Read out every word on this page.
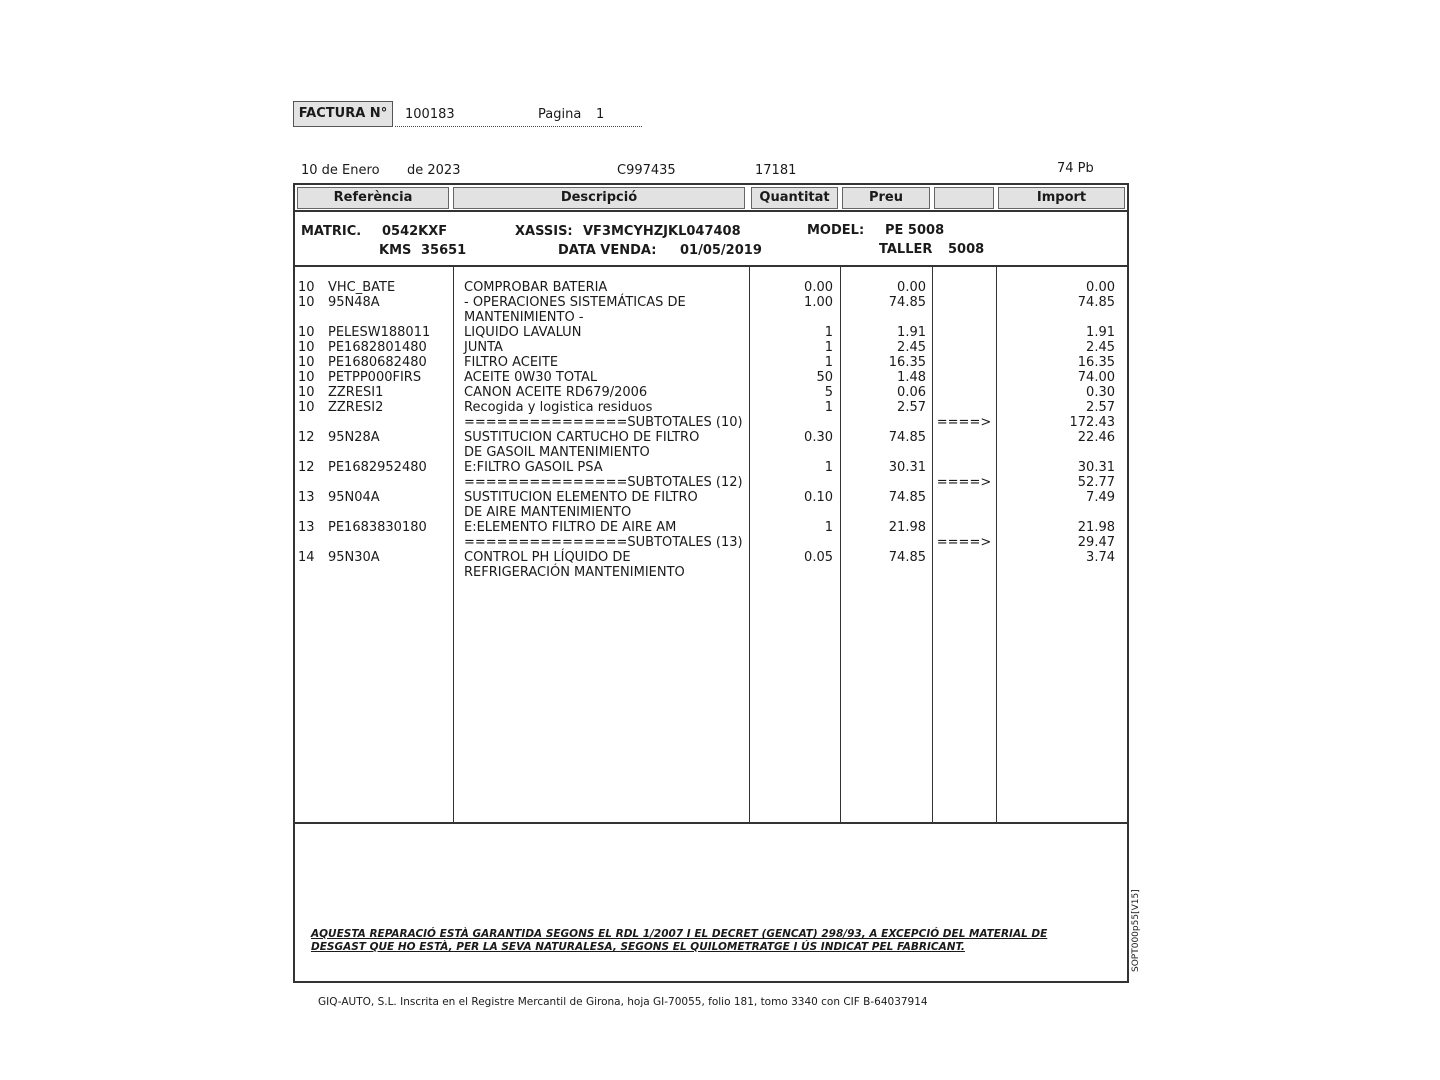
FACTURA N°	100183	Pagina 1
10 de Enero de 2023	C997435	17181	74 Pb
Referència	Descripció	Quantitat	Preu	Import
MATRIC. 0542KXF
KMS 35651
XASSIS: VF3MCYHZJKL047408
DATA VENDA: 01/05/2019
MODEL: PE 5008
TALLER 5008
10	VHC_BATE	COMPROBAR BATERIA	0.00	0.00	0.00
10	95N48A	- OPERACIONES SISTEMÁTICAS DE	1.00	74.85	74.85
MANTENIMIENTO -
10	PELESW188011	LIQUIDO LAVALUN	1	1.91	1.91
10	PE1682801480	JUNTA	1	2.45	2.45
10	PE1680682480	FILTRO ACEITE	1	16.35	16.35
10	PETPP000FIRS	ACEITE 0W30 TOTAL	50	1.48	74.00
10	ZZRESI1	CANON ACEITE RD679/2006	5	0.06	0.30
10	ZZRESI2	Recogida y logistica residuos	1	2.57	2.57
===============SUBTOTALES (10)	====>	172.43
12	95N28A	SUSTITUCION CARTUCHO DE FILTRO	0.30	74.85	22.46
DE GASOIL MANTENIMIENTO
12	PE1682952480	E:FILTRO GASOIL PSA	1	30.31	30.31
===============SUBTOTALES (12)	====>	52.77
13	95N04A	SUSTITUCION ELEMENTO DE FILTRO	0.10	74.85	7.49
DE AIRE MANTENIMIENTO
13	PE1683830180	E:ELEMENTO FILTRO DE AIRE AM	1	21.98	21.98
===============SUBTOTALES (13)	====>	29.47
14	95N30A	CONTROL PH LÍQUIDO DE	0.05	74.85	3.74
REFRIGERACIÓN MANTENIMIENTO
AQUESTA REPARACIÓ ESTÀ GARANTIDA SEGONS EL RDL 1/2007 I EL DECRET (GENCAT) 298/93, A EXCEPCIÓ DEL MATERIAL DE
DESGAST QUE HO ESTÀ, PER LA SEVA NATURALESA, SEGONS EL QUILOMETRATGE I ÚS INDICAT PEL FABRICANT.	SOPT000p55[V15]
GIQ-AUTO, S.L. Inscrita en el Registre Mercantil de Girona, hoja GI-70055, folio 181, tomo 3340 con CIF B-64037914
